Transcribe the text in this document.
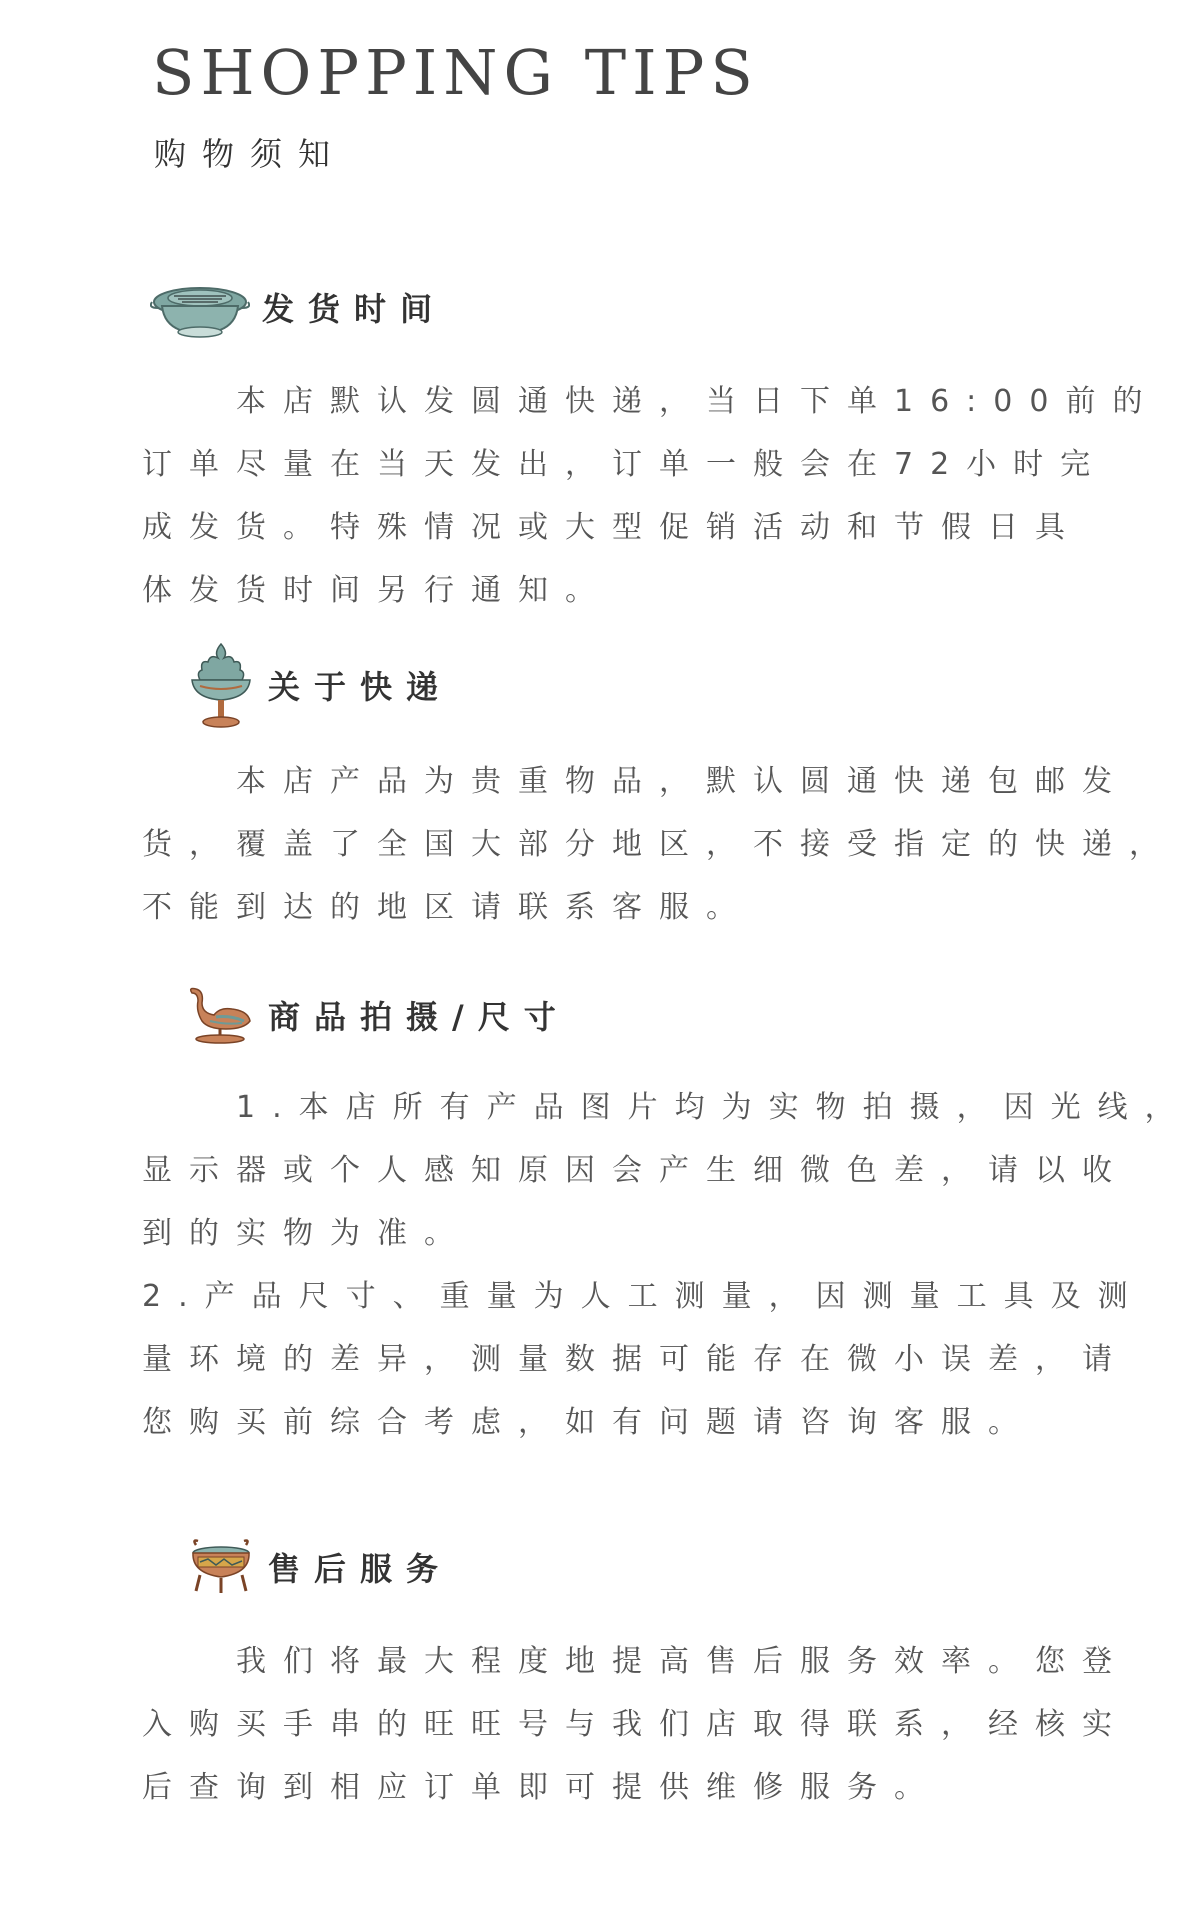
SHOPPING TIPS
购物须知
发货时间
　　本店默认发圆通快递，当日下单16:00前的
订单尽量在当天发出，订单一般会在72小时完
成发货。特殊情况或大型促销活动和节假日具
体发货时间另行通知。
关于快递
　　本店产品为贵重物品，默认圆通快递包邮发
货，覆盖了全国大部分地区，不接受指定的快递，
不能到达的地区请联系客服。
商品拍摄/尺寸
　　1.本店所有产品图片均为实物拍摄，因光线，
显示器或个人感知原因会产生细微色差，请以收
到的实物为准。
2.产品尺寸、重量为人工测量，因测量工具及测
量环境的差异，测量数据可能存在微小误差，请
您购买前综合考虑，如有问题请咨询客服。
售后服务
　　我们将最大程度地提高售后服务效率。您登
入购买手串的旺旺号与我们店取得联系，经核实
后查询到相应订单即可提供维修服务。
